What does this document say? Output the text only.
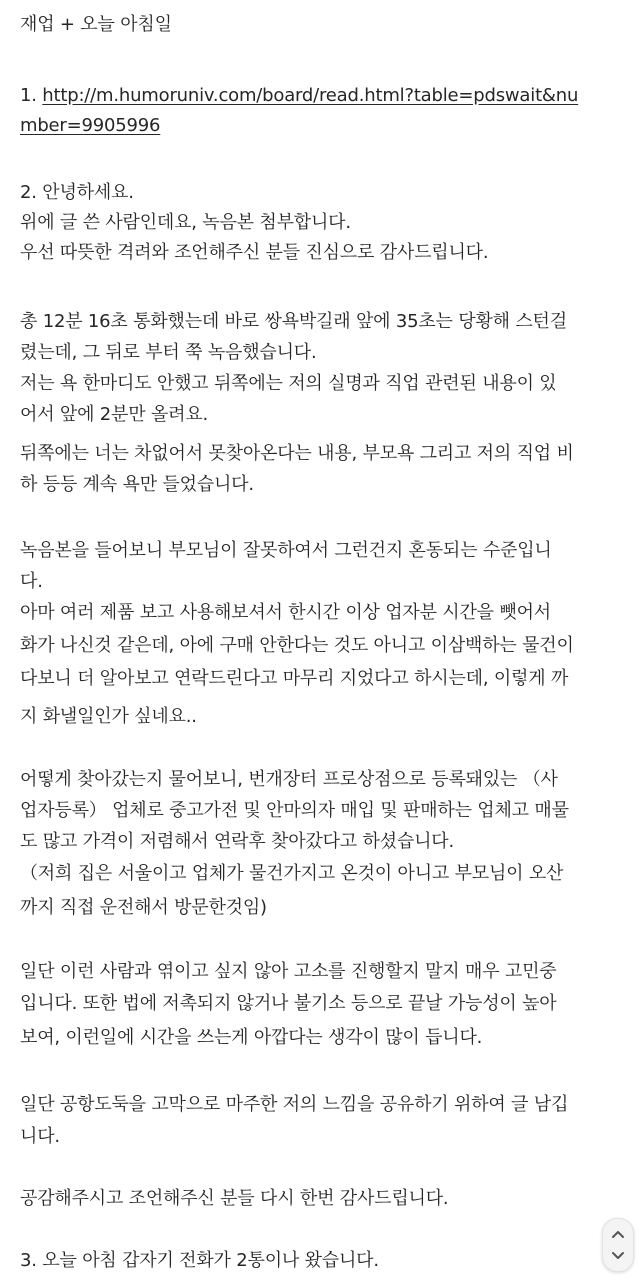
재업 + 오늘 아침일
1. http://m.humoruniv.com/board/read.html?table=pdswait&nu
mber=9905996
2. 안녕하세요.
위에 글 쓴 사람인데요, 녹음본 첨부합니다.
우선 따뜻한 격려와 조언해주신 분들 진심으로 감사드립니다.
총 12분 16초 통화했는데 바로 쌍욕박길래 앞에 35초는 당황해 스턴걸
렸는데, 그 뒤로 부터 쭉 녹음했습니다.
저는 욕 한마디도 안했고 뒤쪽에는 저의 실명과 직업 관련된 내용이 있
어서 앞에 2분만 올려요.
뒤쪽에는 너는 차없어서 못찾아온다는 내용, 부모욕 그리고 저의 직업 비
하 등등 계속 욕만 들었습니다.
녹음본을 들어보니 부모님이 잘못하여서 그런건지 혼동되는 수준입니
다.
아마 여러 제품 보고 사용해보셔서 한시간 이상 업자분 시간을 뺏어서
화가 나신것 같은데, 아에 구매 안한다는 것도 아니고 이삼백하는 물건이
다보니 더 알아보고 연락드린다고 마무리 지었다고 하시는데, 이렇게 까
지 화낼일인가 싶네요..
어떻게 찾아갔는지 물어보니, 번개장터 프로상점으로 등록돼있는 （사
업자등록） 업체로 중고가전 및 안마의자 매입 및 판매하는 업체고 매물
도 많고 가격이 저렴해서 연락후 찾아갔다고 하셨습니다.
（저희 집은 서울이고 업체가 물건가지고 온것이 아니고 부모님이 오산
까지 직접 운전해서 방문한것임)
일단 이런 사람과 엮이고 싶지 않아 고소를 진행할지 말지 매우 고민중
입니다. 또한 법에 저촉되지 않거나 불기소 등으로 끝날 가능성이 높아
보여, 이런일에 시간을 쓰는게 아깝다는 생각이 많이 듭니다.
일단 공항도둑을 고막으로 마주한 저의 느낌을 공유하기 위하여 글 남깁
니다.
공감해주시고 조언해주신 분들 다시 한번 감사드립니다.
3. 오늘 아침 갑자기 전화가 2통이나 왔습니다.
